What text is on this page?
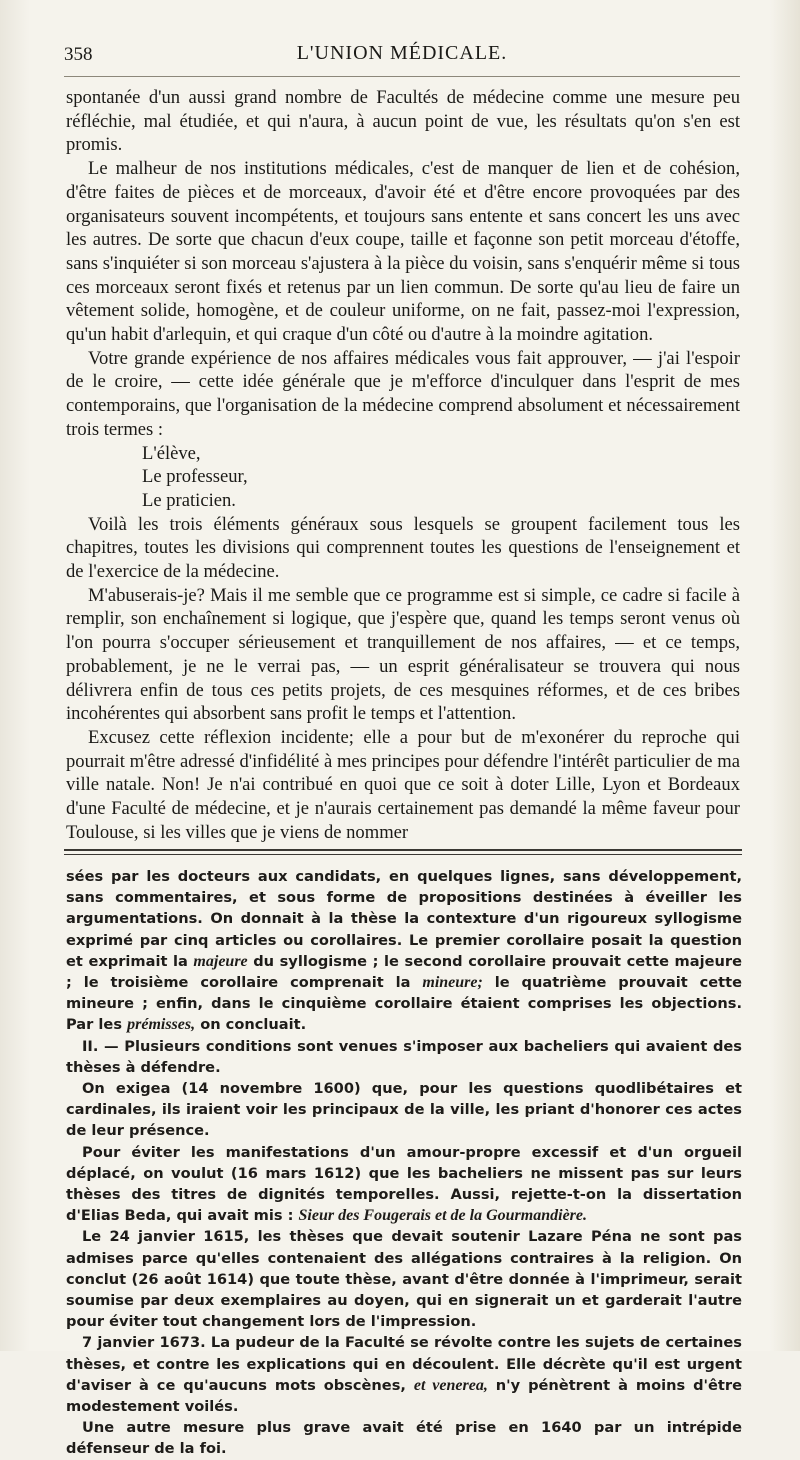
358	L'UNION MÉDICALE.

spontanée d'un aussi grand nombre de Facultés de médecine comme une mesure peu réfléchie, mal étudiée, et qui n'aura, à aucun point de vue, les résultats qu'on s'en est promis.

Le malheur de nos institutions médicales, c'est de manquer de lien et de cohésion, d'être faites de pièces et de morceaux, d'avoir été et d'être encore provoquées par des organisateurs souvent incompétents, et toujours sans entente et sans concert les uns avec les autres. De sorte que chacun d'eux coupe, taille et façonne son petit morceau d'étoffe, sans s'inquiéter si son morceau s'ajustera à la pièce du voisin, sans s'enquérir même si tous ces morceaux seront fixés et retenus par un lien commun. De sorte qu'au lieu de faire un vêtement solide, homogène, et de couleur uniforme, on ne fait, passez-moi l'expression, qu'un habit d'arlequin, et qui craque d'un côté ou d'autre à la moindre agitation.

Votre grande expérience de nos affaires médicales vous fait approuver, — j'ai l'espoir de le croire, — cette idée générale que je m'efforce d'inculquer dans l'esprit de mes contemporains, que l'organisation de la médecine comprend absolument et nécessairement trois termes :

L'élève,

Le professeur,

Le praticien.

Voilà les trois éléments généraux sous lesquels se groupent facilement tous les chapitres, toutes les divisions qui comprennent toutes les questions de l'enseignement et de l'exercice de la médecine.

M'abuserais-je? Mais il me semble que ce programme est si simple, ce cadre si facile à remplir, son enchaînement si logique, que j'espère que, quand les temps seront venus où l'on pourra s'occuper sérieusement et tranquillement de nos affaires, — et ce temps, probablement, je ne le verrai pas, — un esprit généralisateur se trouvera qui nous délivrera enfin de tous ces petits projets, de ces mesquines réformes, et de ces bribes incohérentes qui absorbent sans profit le temps et l'attention.

Excusez cette réflexion incidente; elle a pour but de m'exonérer du reproche qui pourrait m'être adressé d'infidélité à mes principes pour défendre l'intérêt particulier de ma ville natale. Non! Je n'ai contribué en quoi que ce soit à doter Lille, Lyon et Bordeaux d'une Faculté de médecine, et je n'aurais certainement pas demandé la même faveur pour Toulouse, si les villes que je viens de nommer

sées par les docteurs aux candidats, en quelques lignes, sans développement, sans commentaires, et sous forme de propositions destinées à éveiller les argumentations. On donnait à la thèse la contexture d'un rigoureux syllogisme exprimé par cinq articles ou corollaires. Le premier corollaire posait la question et exprimait la majeure du syllogisme ; le second corollaire prouvait cette majeure ; le troisième corollaire comprenait la mineure; le quatrième prouvait cette mineure ; enfin, dans le cinquième corollaire étaient comprises les objections. Par les prémisses, on concluait.

II. — Plusieurs conditions sont venues s'imposer aux bacheliers qui avaient des thèses à défendre.

On exigea (14 novembre 1600) que, pour les questions quodlibétaires et cardinales, ils iraient voir les principaux de la ville, les priant d'honorer ces actes de leur présence.

Pour éviter les manifestations d'un amour-propre excessif et d'un orgueil déplacé, on voulut (16 mars 1612) que les bacheliers ne missent pas sur leurs thèses des titres de dignités temporelles. Aussi, rejette-t-on la dissertation d'Elias Beda, qui avait mis : Sieur des Fougerais et de la Gourmandière.

Le 24 janvier 1615, les thèses que devait soutenir Lazare Péna ne sont pas admises parce qu'elles contenaient des allégations contraires à la religion. On conclut (26 août 1614) que toute thèse, avant d'être donnée à l'imprimeur, serait soumise par deux exemplaires au doyen, qui en signerait un et garderait l'autre pour éviter tout changement lors de l'impression.

7 janvier 1673. La pudeur de la Faculté se révolte contre les sujets de certaines thèses, et contre les explications qui en découlent. Elle décrète qu'il est urgent d'aviser à ce qu'aucuns mots obscènes, et venerea, n'y pénètrent à moins d'être modestement voilés.

Une autre mesure plus grave avait été prise en 1640 par un intrépide défenseur de la foi.
